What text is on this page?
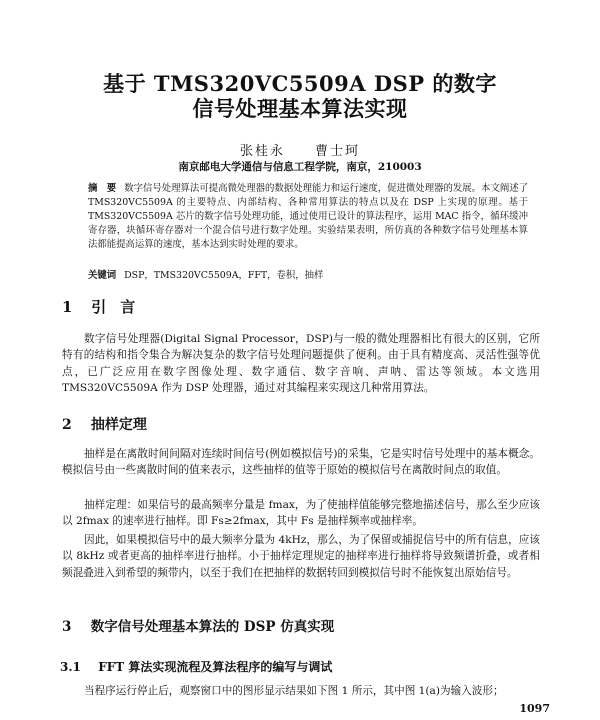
基于 TMS320VC5509A DSP 的数字
信号处理基本算法实现
张桂永　　曹士珂
南京邮电大学通信与信息工程学院，南京，210003
摘　要 数字信号处理算法可提高微处理器的数据处理能力和运行速度，促进微处理器的发展。本文阐述了 TMS320VC5509A 的主要特点、内部结构、各种常用算法的特点以及在 DSP 上实现的原理。基于 TMS320VC5509A 芯片的数字信号处理功能，通过使用已设计的算法程序，运用 MAC 指令，循环缓冲寄存器，块循环寄存器对一个混合信号进行数字处理。实验结果表明，所仿真的各种数字信号处理基本算法都能提高运算的速度，基本达到实时处理的要求。
关键词 DSP，TMS320VC5509A，FFT，卷积，抽样
1 引言
数字信号处理器(Digital Signal Processor，DSP)与一般的微处理器相比有很大的区别，它所特有的结构和指令集合为解决复杂的数字信号处理问题提供了便利。由于具有精度高、灵活性强等优点，已广泛应用在数字图像处理、数字通信、数字音响、声呐、雷达等领域。本文选用 TMS320VC5509A 作为 DSP 处理器，通过对其编程来实现这几种常用算法。
2 抽样定理
抽样是在离散时间间隔对连续时间信号(例如模拟信号)的采集，它是实时信号处理中的基本概念。模拟信号由一些离散时间的值来表示，这些抽样的值等于原始的模拟信号在离散时间点的取值。
抽样定理：如果信号的最高频率分量是 fmax，为了使抽样值能够完整地描述信号，那么至少应该以 2fmax 的速率进行抽样。即 Fs≥2fmax，其中 Fs 是抽样频率或抽样率。
因此，如果模拟信号中的最大频率分量为 4kHz，那么，为了保留或捕捉信号中的所有信息，应该以 8kHz 或者更高的抽样率进行抽样。小于抽样定理规定的抽样率进行抽样将导致频谱折叠，或者相频混叠进入到希望的频带内，以至于我们在把抽样的数据转回到模拟信号时不能恢复出原始信号。
3 数字信号处理基本算法的 DSP 仿真实现
3.1 FFT 算法实现流程及算法程序的编写与调试
当程序运行停止后，观察窗口中的图形显示结果如下图 1 所示，其中图 1(a)为输入波形；
1097
